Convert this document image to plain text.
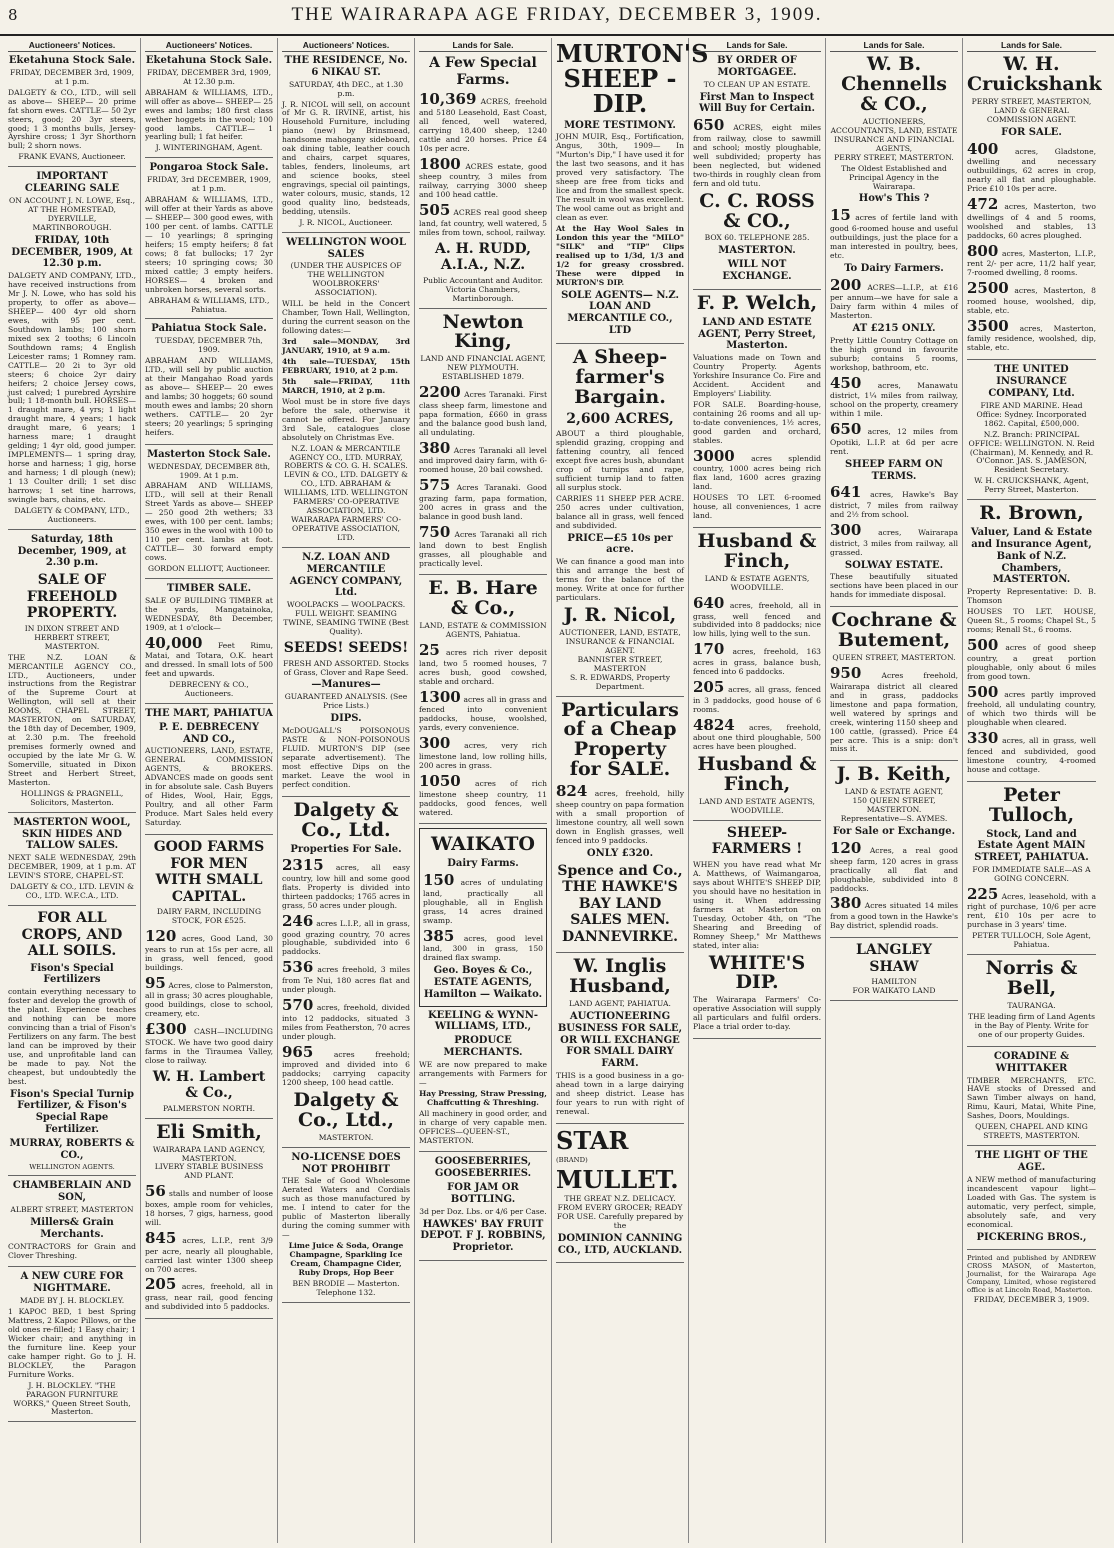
8	THE WAIRARAPA AGE FRIDAY, DECEMBER 3, 1909.
Auctioneers' Notices.
Eketahuna Stock Sale.
FRIDAY, DECEMBER 3rd, 1909, at 1 p.m.

DALGETY & CO., LTD., will sell as above— SHEEP— 20 prime fat shorn ewes. CATTLE— 50 2yr steers, good; 20 3yr steers, good; 1 3 months bulls, Jersey-Ayrshire cross; 1 3yr Shorthorn bull; 2 shorn nows.

FRANK EVANS, Auctioneer.
IMPORTANT CLEARING SALE
ON ACCOUNT J. N. LOWE, Esq., AT THE HOMESTEAD, DYERVILLE, MARTINBOROUGH.
FRIDAY, 10th DECEMBER, 1909, At 12.30 p.m.

DALGETY AND COMPANY, LTD., have received instructions from Mr J. N. Lowe, who has sold his property, to offer as above— SHEEP— 400 4yr old shorn ewes, with 95 per cent. Southdown lambs; 100 shorn mixed sex 2 tooths; 6 Lincoln Southdown rams; 4 English Leicester rams; 1 Romney ram. CATTLE— 20 2i to 3yr old steers; 6 choice 2yr dairy heifers; 2 choice Jersey cows, just calved; 1 purebred Ayrshire bull; 1 18-month bull. HORSES— 1 draught mare, 4 yrs; 1 light draught mare, 4 years; 1 hack draught mare, 6 years; 1 harness mare; 1 draught gelding; 1 4yr old, good jumper. IMPLEMENTS— 1 spring dray, horse and harness; 1 gig, horse and harness; 1 dl plough (new); 1 13 Coulter drill; 1 set disc harrows; 1 set tine harrows, swingle bars, chains, etc.

DALGETY & COMPANY, LTD., Auctioneers.
Saturday, 18th December, 1909, at 2.30 p.m.
SALE OF FREEHOLD PROPERTY.
IN DIXON STREET AND HERBERT STREET, MASTERTON.

THE N.Z. LOAN & MERCANTILE AGENCY CO., LTD., Auctioneers, under instructions from the Registrar of the Supreme Court at Wellington, will sell at their ROOMS, CHAPEL STREET, MASTERTON, on SATURDAY, the 18th day of December, 1909, at 2.30 p.m. The freehold premises formerly owned and occupied by the late Mr G. W. Somerville, situated in Dixon Street and Herbert Street, Masterton.

HOLLINGS & PRAGNELL, Solicitors, Masterton.
MASTERTON WOOL, SKIN HIDES AND TALLOW SALES.

NEXT SALE WEDNESDAY, 29th DECEMBER, 1909, at 1 p.m. AT LEVIN'S STORE, CHAPEL-ST.

DALGETY & CO., LTD. LEVIN & CO., LTD. W.F.C.A., LTD.
FOR ALL CROPS, AND ALL SOILS.
Fison's Special Fertilizers

contain everything necessary to foster and develop the growth of the plant. Experience teaches and nothing can be more convincing than a trial of Fison's Fertilizers on any farm. The best land can be improved by their use, and unprofitable land can be made to pay. Not the cheapest, but undoubtedly the best.

Fison's Special Turnip Fertilizer, & Fison's Special Rape Fertilizer.
MURRAY, ROBERTS & CO.,
WELLINGTON AGENTS.
CHAMBERLAIN AND SON,
ALBERT STREET, MASTERTON
Millers& Grain Merchants.

CONTRACTORS for Grain and Clover Threshing.

A NEW CURE FOR NIGHTMARE.
MADE BY J. H. BLOCKLEY.

1 KAPOC BED, 1 best Spring Mattress, 2 Kapoc Pillows, or the old ones re-filled; 1 Easy chair; 1 Wicker chair; and anything in the furniture line. Keep your cake hamper right. Go to J. H. BLOCKLEY, the Paragon Furniture Works.

J. H. BLOCKLEY. "THE PARAGON FURNITURE WORKS," Queen Street South, Masterton.
Auctioneers' Notices.
Eketahuna Stock Sale.
FRIDAY, DECEMBER 3rd, 1909, At 12.30 p.m.

ABRAHAM & WILLIAMS, LTD., will offer as above— SHEEP— 25 ewes and lambs; 180 first class wether hoggets in the wool; 100 good lambs. CATTLE— 1 yearling bull; 1 fat heifer.

J. WINTERINGHAM, Agent.
Pongaroa Stock Sale.
FRIDAY, 3rd DECEMBER, 1909, at 1 p.m.

ABRAHAM & WILLIAMS, LTD., will offer at their Yards as above— SHEEP— 300 good ewes, with 100 per cent. of lambs. CATTLE— 10 yearlings; 8 springing heifers; 15 empty heifers; 8 fat cows; 8 fat bullocks; 17 2yr steers; 10 springing cows; 30 mixed cattle; 3 empty heifers. HORSES— 4 broken and unbroken horses, several sorts.

ABRAHAM & WILLIAMS, LTD., Pahiatua.
Pahiatua Stock Sale.
TUESDAY, DECEMBER 7th, 1909.

ABRAHAM AND WILLIAMS, LTD., will sell by public auction at their Mangahao Road yards as above— SHEEP— 20 ewes and lambs; 30 hoggets; 60 sound mouth ewes and lambs; 20 shorn wethers. CATTLE— 20 2yr steers; 20 yearlings; 5 springing heifers.

Masterton Stock Sale.
WEDNESDAY, DECEMBER 8th, 1909. At 1 p.m.

ABRAHAM AND WILLIAMS, LTD., will sell at their Renall Street Yards as above— SHEEP— 250 good 2th wethers; 33 ewes, with 100 per cent. lambs; 350 ewes in the wool with 100 to 110 per cent. lambs at foot. CATTLE— 30 forward empty cows.

GORDON ELLIOTT, Auctioneer.
TIMBER SALE.

SALE OF BUILDING TIMBER at the yards, Mangatainoka, WEDNESDAY, 8th December, 1909, at 1 o'clock—

40,000 Feet Rimu, Matai, and Totara, O.K. heart and dressed. In small lots of 500 feet and upwards.

DEBRECENY & CO., Auctioneers.
THE MART, PAHIATUA
P. E. DEBRECENY AND CO.,

AUCTIONEERS, LAND, ESTATE, GENERAL COMMISSION AGENTS, & BROKERS. ADVANCES made on goods sent in for absolute sale. Cash Buyers of Hides, Wool, Hair, Eggs, Poultry, and all other Farm Produce. Mart Sales held every Saturday.

GOOD FARMS FOR MEN WITH SMALL CAPITAL.
DAIRY FARM, INCLUDING STOCK, FOR £525.

120 acres, Good Land, 30 years to run at 15s per acre, all in grass, well fenced, good buildings.

95 Acres, close to Palmerston, all in grass; 30 acres ploughable, good buildings, close to school, creamery, etc.

£300 CASH—INCLUDING STOCK. We have two good dairy farms in the Tiraumea Valley, close to railway.

W. H. Lambert & Co.,
PALMERSTON NORTH.
Eli Smith,
WAIRARAPA LAND AGENCY, MASTERTON.
LIVERY STABLE BUSINESS AND PLANT.

56 stalls and number of loose boxes, ample room for vehicles, 18 horses, 7 gigs, harness, good will.

845 acres, L.I.P., rent 3/9 per acre, nearly all ploughable, carried last winter 1300 sheep on 700 acres.

205 acres, freehold, all in grass, near rail, good fencing and subdivided into 5 paddocks.

Auctioneers' Notices.
THE RESIDENCE, No. 6 NIKAU ST.
SATURDAY, 4th DEC., at 1.30 p.m.

J. R. NICOL will sell, on account of Mr G. R. IRVINE, artist, his Household Furniture, including piano (new) by Brinsmead, handsome mahogany sideboard, oak dining table, leather couch and chairs, carpet squares, tables, fenders, linoleums, art and science books, steel engravings, special oil paintings, water colours, music, stands, 12 good quality lino, bedsteads, bedding, utensils.

J. R. NICOL, Auctioneer.
WELLINGTON WOOL SALES
(UNDER THE AUSPICES OF THE WELLINGTON WOOLBROKERS' ASSOCIATION).

WILL be held in the Concert Chamber, Town Hall, Wellington, during the current season on the following dates:—

3rd sale—MONDAY, 3rd JANUARY, 1910, at 9 a.m.

4th sale—TUESDAY, 15th FEBRUARY, 1910, at 2 p.m.

5th sale—FRIDAY, 11th MARCH, 1910, at 2 p.m.

Wool must be in store five days before the sale, otherwise it cannot be offered. For January 3rd Sale, catalogues close absolutely on Christmas Eve.

N.Z. LOAN & MERCANTILE AGENCY CO., LTD. MURRAY, ROBERTS & CO. G. H. SCALES. LEVIN & CO., LTD. DALGETY & CO., LTD. ABRAHAM & WILLIAMS, LTD. WELLINGTON FARMERS' CO-OPERATIVE ASSOCIATION, LTD. WAIRARAPA FARMERS' CO-OPERATIVE ASSOCIATION, LTD.
N.Z. LOAN AND MERCANTILE AGENCY COMPANY, Ltd.

WOOLPACKS — WOOLPACKS. FULL WEIGHT. SEAMING TWINE, SEAMING TWINE (Best Quality).

SEEDS! SEEDS!

FRESH AND ASSORTED. Stocks of Grass, Clover and Rape Seed.

—Manures—

GUARANTEED ANALYSIS. (See Price Lists.)

DIPS.

McDOUGALL'S POISONOUS PASTE & NON-POISONOUS FLUID. MURTON'S DIP (see separate advertisement). The most effective Dips on the market. Leave the wool in perfect condition.

Dalgety & Co., Ltd.
Properties For Sale.

2315 acres, all easy country, low hill and some good flats. Property is divided into thirteen paddocks; 1765 acres in grass, 50 acres under plough.

246 acres L.I.P., all in grass, good grazing country, 70 acres ploughable, subdivided into 6 paddocks.

536 acres freehold, 3 miles from Te Nui, 180 acres flat and under plough.

570 acres, freehold, divided into 12 paddocks, situated 3 miles from Featherston, 70 acres under plough.

965	acres freehold; improved and divided into 6 paddocks; carrying capacity 1200 sheep, 100 head cattle.

Dalgety & Co., Ltd.,
MASTERTON.
NO-LICENSE DOES NOT PROHIBIT

THE Sale of Good Wholesome Aerated Waters and Cordials such as those manufactured by me. I intend to cater for the public of Masterton liberally during the coming summer with—

Lime Juice & Soda, Orange Champagne, Sparkling Ice Cream, Champagne Cider, Ruby Drops, Hop Beer

BEN BRODIE — Masterton. Telephone 132.
Lands for Sale.
A Few Special Farms.

10,369 ACRES, freehold and 5180 Leasehold, East Coast, all fenced, well watered, carrying 18,400 sheep, 1240 cattle and 20 horses. Price £4 10s per acre.

1800 ACRES estate, good sheep country, 3 miles from railway, carrying 3000 sheep and 100 head cattle.

505 ACRES real good sheep land, fat country, well watered, 5 miles from town, school, railway.

A. H. RUDD, A.I.A., N.Z.
Public Accountant and Auditor. Victoria Chambers, Martinborough.
Newton King,
LAND AND FINANCIAL AGENT, NEW PLYMOUTH. ESTABLISHED 1879.

2200 Acres Taranaki. First class sheep farm, limestone and papa formation, £660 in grass and the balance good bush land, all undulating.

380 Acres Taranaki all level and improved dairy farm, with 6-roomed house, 20 bail cowshed.

575 Acres Taranaki. Good grazing farm, papa formation, 200 acres in grass and the balance in good bush land.

750 Acres Taranaki all rich land down to best English grasses, all ploughable and practically level.

E. B. Hare & Co.,
LAND, ESTATE & COMMISSION AGENTS, Pahiatua.

25 acres rich river deposit land, two 5 roomed houses, 7 acres bush, good cowshed, stable and orchard.

1300 acres all in grass and fenced into convenient paddocks, house, woolshed, yards, every convenience.

300 acres, very rich limestone land, low rolling hills, 200 acres in grass.

1050 acres of rich limestone sheep country, 11 paddocks, good fences, well watered.

WAIKATO
Dairy Farms.

150 acres of undulating land, practically all ploughable, all in English grass, 14 acres drained swamp.

385 acres, good level land, 300 in grass, 150 drained flax swamp.

Geo. Boyes & Co., ESTATE AGENTS, Hamilton — Waikato.
KEELING & WYNN-WILLIAMS, LTD.,
PRODUCE MERCHANTS.

WE are now prepared to make arrangements with Farmers for—

Hay Pressing, Straw Pressing, Chaffcutting & Threshing.

All machinery in good order, and in charge of very capable men. OFFICES—QUEEN-ST., MASTERTON.

GOOSEBERRIES, GOOSEBERRIES.
FOR JAM OR BOTTLING.

3d per Doz. Lbs. or 4/6 per Case.

HAWKES' BAY FRUIT DEPOT. F J. ROBBINS, Proprietor.
MURTON'S SHEEP - DIP.
MORE TESTIMONY.

JOHN MUIR, Esq., Fortification, Angus, 30th, 1909— In "Murton's Dip," I have used it for the last two seasons, and it has proved very satisfactory. The sheep are free from ticks and lice and from the smallest speck. The result in wool was excellent. The wool came out as bright and clean as ever.

At the Hay Wool Sales in London this year the "MILO" "SILK" and "TIP" Clips realised up to 1/3d, 1/3 and 1/2 for greasy crossbred. These were dipped in MURTON'S DIP.

SOLE AGENTS— N.Z. LOAN AND MERCANTILE CO., LTD
A Sheep-farmer's Bargain.
2,600 ACRES,

ABOUT a third ploughable, splendid grazing, cropping and fattening country, all fenced except five acres bush, abundant crop of turnips and rape, sufficient turnip land to fatten all surplus stock.

CARRIES 11 SHEEP PER ACRE. 250 acres under cultivation, balance all in grass, well fenced and subdivided.

PRICE—£5 10s per acre.

We can finance a good man into this and arrange the best of terms for the balance of the money. Write at once for further particulars.

J. R. Nicol,
AUCTIONEER, LAND, ESTATE, INSURANCE & FINANCIAL AGENT.
BANNISTER STREET, MASTERTON
S. R. EDWARDS, Property Department.
Particulars of a Cheap Property for SALE.

824 acres, freehold, hilly sheep country on papa formation with a small proportion of limestone country, all well sown down in English grasses, well fenced into 9 paddocks.

ONLY £320.
Spence and Co., THE HAWKE'S BAY LAND SALES MEN. DANNEVIRKE.
W. Inglis Husband,
LAND AGENT, PAHIATUA.
AUCTIONEERING BUSINESS FOR SALE, OR WILL EXCHANGE FOR SMALL DAIRY FARM.

THIS is a good business in a go-ahead town in a large dairying and sheep district. Lease has four years to run with right of renewal.

STAR
(BRAND)
MULLET.

THE GREAT N.Z. DELICACY. FROM EVERY GROCER; READY FOR USE. Carefully prepared by the

DOMINION CANNING CO., LTD, AUCKLAND.
Lands for Sale.
BY ORDER OF MORTGAGEE.
TO CLEAN UP AN ESTATE.
First Man to Inspect Will Buy for Certain.

650 ACRES, eight miles from railway, close to sawmill and school; mostly ploughable, well subdivided; property has been neglected, but widened two-thirds in roughly clean from fern and old tutu.

C. C. ROSS & CO.,
BOX 60. TELEPHONE 285.
MASTERTON.
WILL NOT EXCHANGE.
F. P. Welch,
LAND AND ESTATE AGENT, Perry Street, Masterton.

Valuations made on Town and Country Property. Agents Yorkshire Insurance Co. Fire and Accident. Accident and Employers' Liability.

FOR SALE. Boarding-house, containing 26 rooms and all up-to-date conveniences, 1½ acres, good garden and orchard, stables.

3000 acres splendid country, 1000 acres being rich flax land, 1600 acres grazing land.

HOUSES TO LET. 6-roomed house, all conveniences, 1 acre land.

Husband & Finch,
LAND & ESTATE AGENTS, WOODVILLE.

640 acres, freehold, all in grass, well fenced and subdivided into 8 paddocks; nice low hills, lying well to the sun.

170 acres, freehold, 163 acres in grass, balance bush, fenced into 6 paddocks.

205 acres, all grass, fenced in 3 paddocks, good house of 6 rooms.

4824 acres, freehold, about one third ploughable, 500 acres have been ploughed.

Husband & Finch,
LAND AND ESTATE AGENTS, WOODVILLE.
SHEEP-FARMERS !

WHEN you have read what Mr A. Matthews, of Waimangaroa, says about WHITE'S SHEEP DIP, you should have no hesitation in using it. When addressing farmers at Masterton on Tuesday, October 4th, on "The Shearing and Breeding of Romney Sheep," Mr Matthews stated, inter alia:

WHITE'S DIP.

The Wairarapa Farmers' Co-operative Association will supply all particulars and fulfil orders. Place a trial order to-day.

Lands for Sale.
W. B. Chennells & CO.,
AUCTIONEERS,
ACCOUNTANTS, LAND, ESTATE INSURANCE AND FINANCIAL AGENTS,
PERRY STREET, MASTERTON.

The Oldest Established and Principal Agency in the Wairarapa.

How's This ?

15 acres of fertile land with good 6-roomed house and useful outbuildings, just the place for a man interested in poultry, bees, etc.

To Dairy Farmers.

200 ACRES—L.I.P., at £16 per annum—we have for sale a Dairy farm within 4 miles of Masterton.

AT £215 ONLY.

Pretty Little Country Cottage on the high ground in favourite suburb; contains 5 rooms, workshop, bathroom, etc.

450 acres, Manawatu district, 1¼ miles from railway, school on the property, creamery within 1 mile.

650 acres, 12 miles from Opotiki, L.I.P. at 6d per acre rent.

SHEEP FARM ON TERMS.

641 acres, Hawke's Bay district, 7 miles from railway and 2½ from school.

300 acres, Wairarapa district, 3 miles from railway, all grassed.

SOLWAY ESTATE.

These beautifully situated sections have been placed in our hands for immediate disposal.

Cochrane & Butement,
QUEEN STREET, MASTERTON.

950	Acres freehold, Wairarapa district all cleared and in grass, paddocks limestone and papa formation, well watered by springs and creek, wintering 1150 sheep and 100 cattle, (grassed). Price £4 per acre. This is a snip: don't miss it.

J. B. Keith,
LAND & ESTATE AGENT,
150 QUEEN STREET, MASTERTON.
Representative—S. AYMES.
For Sale or Exchange.

120 Acres, a real good sheep farm, 120 acres in grass practically all flat and ploughable, subdivided into 8 paddocks.

380 Acres situated 14 miles from a good town in the Hawke's Bay district, splendid roads.

LANGLEY SHAW
HAMILTON
FOR WAIKATO LAND
Lands for Sale.
W. H. Cruickshank
PERRY STREET, MASTERTON, LAND & GENERAL COMMISSION AGENT.
FOR SALE.

400 acres, Gladstone, dwelling and necessary outbuildings, 62 acres in crop, nearly all flat and ploughable. Price £10 10s per acre.

472 acres, Masterton, two dwellings of 4 and 5 rooms, woolshed and stables, 13 paddocks, 60 acres ploughed.

800 acres, Masterton, L.I.P., rent 2/- per acre, 11/2 half year, 7-roomed dwelling, 8 rooms.

2500 acres, Masterton, 8 roomed house, woolshed, dip, stable, etc.

3500 acres, Masterton, family residence, woolshed, dip, stable, etc.

THE UNITED INSURANCE COMPANY, Ltd.
FIRE AND MARINE. Head Office: Sydney. Incorporated 1862. Capital, £500,000.

N.Z. Branch: PRINCIPAL OFFICE: WELLINGTON. N. Reid (Chairman), M. Kennedy, and R. O'Connor. JAS. S. JAMESON, Resident Secretary.

W. H. CRUICKSHANK, Agent, Perry Street, Masterton.
R. Brown,
Valuer, Land & Estate and Insurance Agent, Bank of N.Z. Chambers, MASTERTON.

Property Representative: D. B. Thomson

HOUSES TO LET. HOUSE, Queen St., 5 rooms; Chapel St., 5 rooms; Renall St., 6 rooms.

500 acres of good sheep country, a great portion ploughable, only about 6 miles from good town.

500 acres partly improved freehold, all undulating country, of which two thirds will be ploughable when cleared.

330 acres, all in grass, well fenced and subdivided, good limestone country, 4-roomed house and cottage.

Peter Tulloch,
Stock, Land and Estate Agent MAIN STREET, PAHIATUA.
FOR IMMEDIATE SALE—AS A GOING CONCERN.

225 Acres, leasehold, with a right of purchase, 10/6 per acre rent, £10 10s per acre to purchase in 3 years' time.

PETER TULLOCH, Sole Agent, Pahiatua.
Norris & Bell,
TAURANGA.

THE leading firm of Land Agents in the Bay of Plenty. Write for one of our property Guides.

CORADINE & WHITTAKER

TIMBER MERCHANTS, ETC. HAVE stocks of Dressed and Sawn Timber always on hand, Rimu, Kauri, Matai, White Pine, Sashes, Doors, Mouldings.

QUEEN, CHAPEL AND KING STREETS, MASTERTON.
THE LIGHT OF THE AGE.

A NEW method of manufacturing incandescent vapour light—Loaded with Gas. The system is automatic, very perfect, simple, absolutely safe, and very economical.

PICKERING BROS.,

Printed and published by ANDREW CROSS MASON, of Masterton, Journalist, for the Wairarapa Age Company, Limited, whose registered office is at Lincoln Road, Masterton.

FRIDAY, DECEMBER 3, 1909.
